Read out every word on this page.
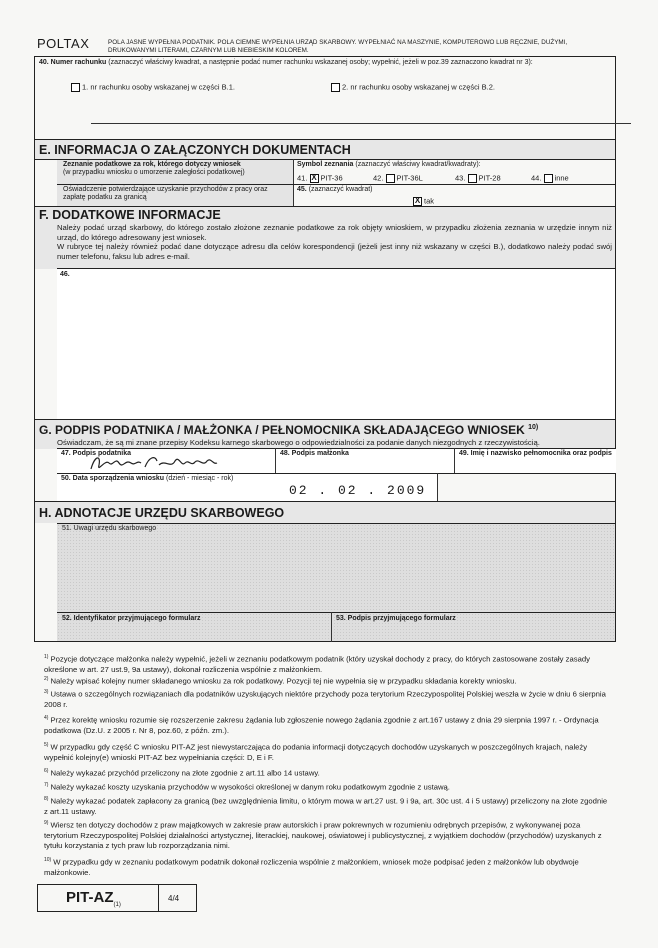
POLTAX	POLA JASNE WYPEŁNIA PODATNIK. POLA CIEMNE WYPEŁNIA URZĄD SKARBOWY. WYPEŁNIAĆ NA MASZYNIE, KOMPUTEROWO LUB RĘCZNIE, DUŻYMI, DRUKOWANYMI LITERAMI, CZARNYM LUB NIEBIESKIM KOLOREM.
40. Numer rachunku (zaznaczyć właściwy kwadrat, a następnie podać numer rachunku wskazanej osoby; wypełnić, jeżeli w poz.39 zaznaczono kwadrat nr 3):
1. nr rachunku osoby wskazanej w części B.1.	2. nr rachunku osoby wskazanej w części B.2.
E. INFORMACJA O ZAŁĄCZONYCH DOKUMENTACH
Zeznanie podatkowe za rok, którego dotyczy wniosek
(w przypadku wniosku o umorzenie zaległości podatkowej)
Symbol zeznania (zaznaczyć właściwy kwadrat/kwadraty):
41. X PIT-36	42. PIT-36L	43. PIT-28	44. inne
Oświadczenie potwierdzające uzyskanie przychodów z pracy oraz zapłatę podatku za granicą
45. (zaznaczyć kwadrat)
X tak
F. DODATKOWE INFORMACJE
Należy podać urząd skarbowy, do którego zostało złożone zeznanie podatkowe za rok objęty wnioskiem, w przypadku złożenia zeznania w urzędzie innym niż urząd, do którego adresowany jest wniosek.
W rubryce tej należy również podać dane dotyczące adresu dla celów korespondencji (jeżeli jest inny niż wskazany w części B.), dodatkowo należy podać swój numer telefonu, faksu lub adres e-mail.
46.
G. PODPIS PODATNIKA / MAŁŻONKA / PEŁNOMOCNIKA SKŁADAJĄCEGO WNIOSEK $^{10)}$
Oświadczam, że są mi znane przepisy Kodeksu karnego skarbowego o odpowiedzialności za podanie danych niezgodnych z rzeczywistością.
47. Podpis podatnika	48. Podpis małżonka	49. Imię i nazwisko pełnomocnika oraz podpis
50. Data sporządzenia wniosku (dzień - miesiąc - rok)
02 . 02 . 2009
H. ADNOTACJE URZĘDU SKARBOWEGO
51. Uwagi urzędu skarbowego
52. Identyfikator przyjmującego formularz	53. Podpis przyjmującego formularz
$^{1)}$ Pozycje dotyczące małżonka należy wypełnić, jeżeli w zeznaniu podatkowym podatnik (który uzyskał dochody z pracy, do których zastosowane zostały zasady określone w art. 27 ust.9, 9a ustawy), dokonał rozliczenia wspólnie z małżonkiem.
$^{2)}$ Należy wpisać kolejny numer składanego wniosku za rok podatkowy. Pozycji tej nie wypełnia się w przypadku składania korekty wniosku.
$^{3)}$ Ustawa o szczególnych rozwiązaniach dla podatników uzyskujących niektóre przychody poza terytorium Rzeczypospolitej Polskiej weszła w życie w dniu 6 sierpnia 2008 r.
$^{4)}$ Przez korektę wniosku rozumie się rozszerzenie zakresu żądania lub zgłoszenie nowego żądania zgodnie z art.167 ustawy z dnia 29 sierpnia 1997 r. - Ordynacja podatkowa (Dz.U. z 2005 r. Nr 8, poz.60, z późn. zm.).
$^{5)}$ W przypadku gdy część C wniosku PIT-AZ jest niewystarczająca do podania informacji dotyczących dochodów uzyskanych w poszczególnych krajach, należy wypełnić kolejny(e) wnioski PIT-AZ bez wypełniania części: D, E i F.
$^{6)}$ Należy wykazać przychód przeliczony na złote zgodnie z art.11 albo 14 ustawy.
$^{7)}$ Należy wykazać koszty uzyskania przychodów w wysokości określonej w danym roku podatkowym zgodnie z ustawą.
$^{8)}$ Należy wykazać podatek zapłacony za granicą (bez uwzględnienia limitu, o którym mowa w art.27 ust. 9 i 9a, art. 30c ust. 4 i 5 ustawy) przeliczony na złote zgodnie z art.11 ustawy.
$^{9)}$ Wiersz ten dotyczy dochodów z praw majątkowych w zakresie praw autorskich i praw pokrewnych w rozumieniu odrębnych przepisów, z wykonywanej poza terytorium Rzeczypospolitej Polskiej działalności artystycznej, literackiej, naukowej, oświatowej i publicystycznej, z wyjątkiem dochodów (przychodów) uzyskanych z tytułu korzystania z tych praw lub rozporządzania nimi.
$^{10)}$ W przypadku gdy w zeznaniu podatkowym podatnik dokonał rozliczenia wspólnie z małżonkiem, wniosek może podpisać jeden z małżonków lub obydwoje małżonkowie.
PIT-$AZ_{(1)}$
4/4
